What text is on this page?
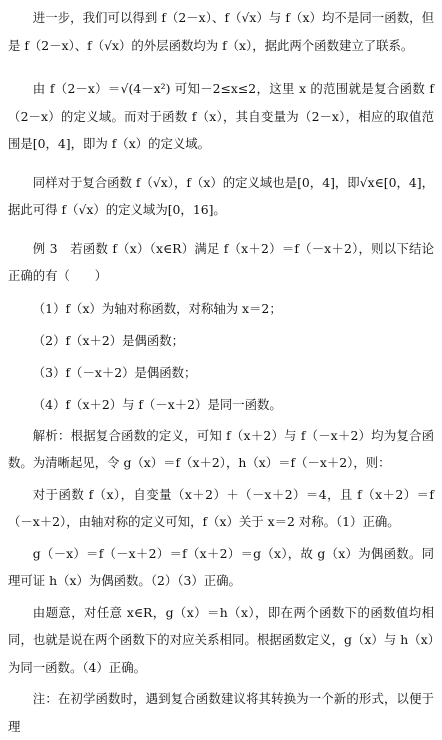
进一步，我们可以得到 f（2－x）、f（√x）与 f（x）均不是同一函数，但是 f（2－x）、f（√x）的外层函数均为 f（x），据此两个函数建立了联系。

由 f（2－x）＝√(4－x²) 可知－2≤x≤2，这里 x 的范围就是复合函数 f（2－x）的定义域。而对于函数 f（x），其自变量为（2－x），相应的取值范围是[0，4]，即为 f（x）的定义域。

同样对于复合函数 f（√x），f（x）的定义域也是[0，4]，即√x∈[0，4]，据此可得 f（√x）的定义域为[0，16]。

例 3　若函数 f（x）（x∈R）满足 f（x＋2）＝f（－x＋2），则以下结论正确的有（　　）

（1）f（x）为轴对称函数，对称轴为 x＝2；

（2）f（x＋2）是偶函数；

（3）f（－x＋2）是偶函数；

（4）f（x＋2）与 f（－x＋2）是同一函数。

解析：根据复合函数的定义，可知 f（x＋2）与 f（－x＋2）均为复合函数。为清晰起见，令 g（x）＝f（x＋2），h（x）＝f（－x＋2），则：

对于函数 f（x），自变量（x＋2）＋（－x＋2）＝4，且 f（x＋2）＝f（－x＋2），由轴对称的定义可知，f（x）关于 x＝2 对称。（1）正确。

g（－x）＝f（－x＋2）＝f（x＋2）＝g（x），故 g（x）为偶函数。同理可证 h（x）为偶函数。（2）（3）正确。

由题意，对任意 x∈R，g（x）＝h（x），即在两个函数下的函数值均相同，也就是说在两个函数下的对应关系相同。根据函数定义，g（x）与 h（x）为同一函数。（4）正确。

注：在初学函数时，遇到复合函数建议将其转换为一个新的形式，以便于理
